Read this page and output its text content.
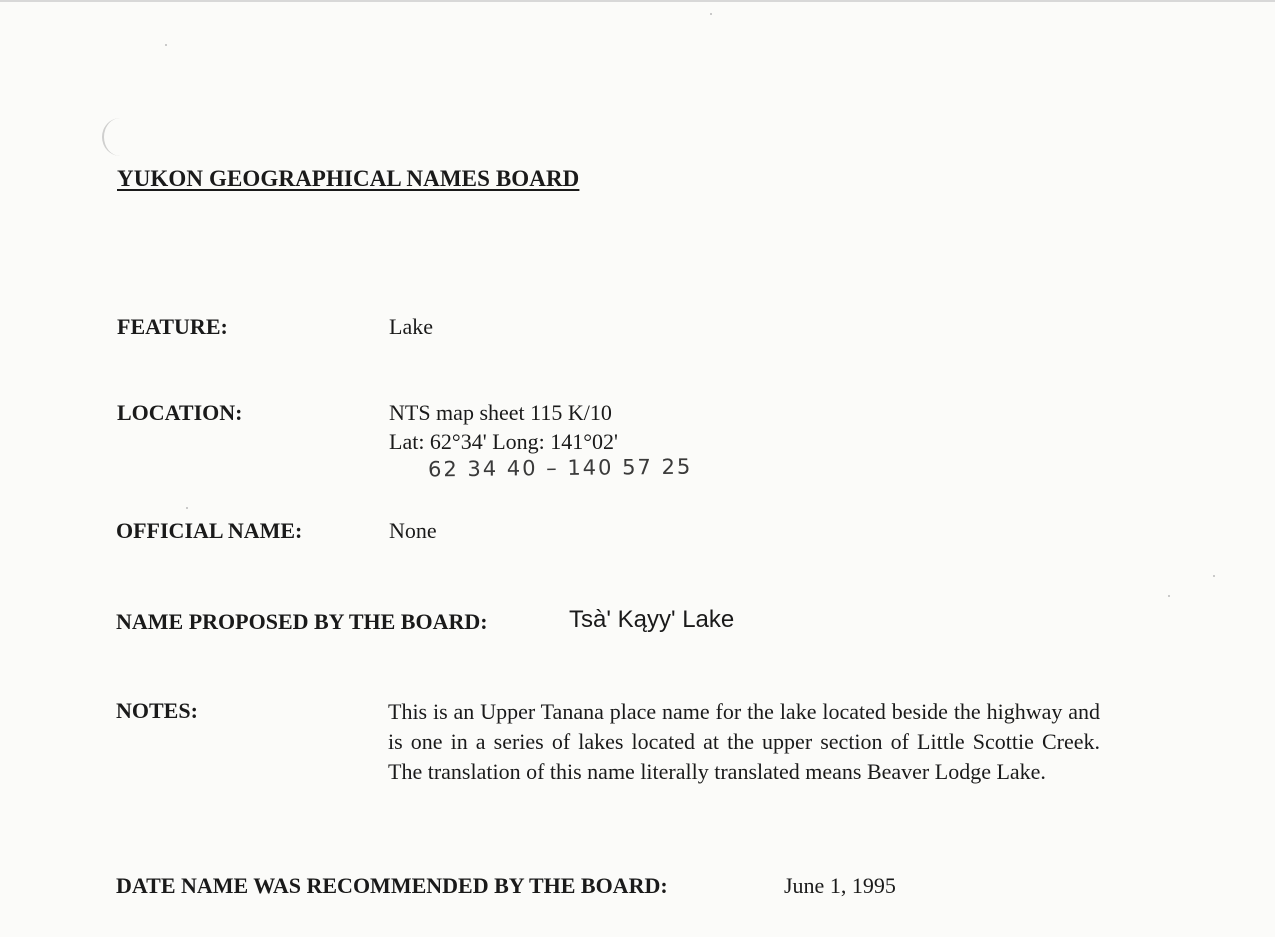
YUKON GEOGRAPHICAL NAMES BOARD
FEATURE:	Lake
LOCATION:	NTS map sheet 115 K/10
Lat: 62°34' Long: 141°02'
62 34 40 – 140 57 25
OFFICIAL NAME:	None
NAME PROPOSED BY THE BOARD:	Tsà' Kąyy' Lake
NOTES:	This is an Upper Tanana place name for the lake located beside the highway and is one in a series of lakes located at the upper section of Little Scottie Creek. The translation of this name literally translated means Beaver Lodge Lake.

DATE NAME WAS RECOMMENDED BY THE BOARD:	June 1, 1995
